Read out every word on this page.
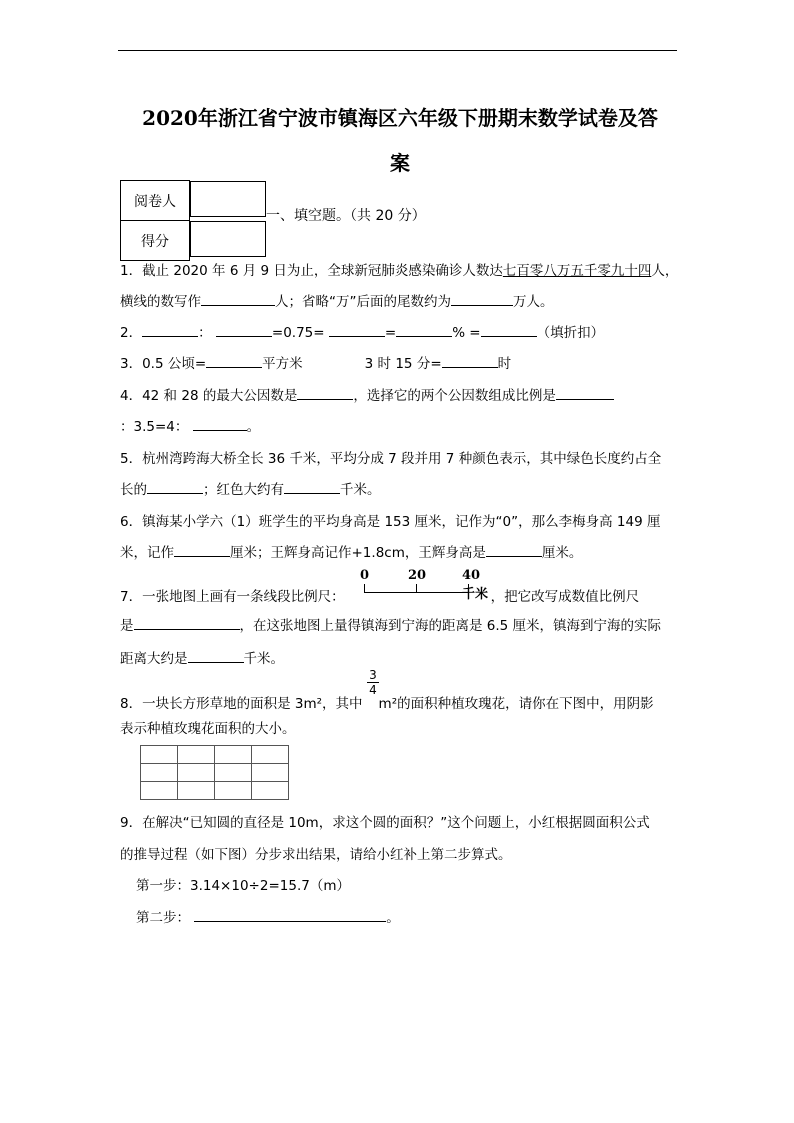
2020年浙江省宁波市镇海区六年级下册期末数学试卷及答
案
阅卷人	
得分	
一、填空题。（共 20 分）
1．截止 2020 年 6 月 9 日为止，全球新冠肺炎感染确诊人数达七百零八万五千零九十四人，
横线的数写作	人；省略“万”后面的尾数约为	万人。
2．	：	=0.75=	=	% =	（填折扣）
3．0.5 公顷=	平方米	3 时 15 分=	时
4．42 和 28 的最大公因数是	，选择它的两个公因数组成比例是
：3.5=4：	。
5．杭州湾跨海大桥全长 36 千米，平均分成 7 段并用 7 种颜色表示，其中绿色长度约占全
长的	；红色大约有	千米。
6．镇海某小学六（1）班学生的平均身高是 153 厘米，记作为“0”，那么李梅身高 149 厘
米，记作	厘米；王辉身高记作+1.8cm，王辉身高是	厘米。
7．一张地图上画有一条线段比例尺：	，把它改写成数值比例尺
0	20	40千米
是	，在这张地图上量得镇海到宁海的距离是 6.5 厘米，镇海到宁海的实际
距离大约是	千米。
$\frac{3}{4}$
8．一块长方形草地的面积是 3m²，其中 m²的面积种植玫瑰花，请你在下图中，用阴影
表示种植玫瑰花面积的大小。

9．在解决“已知圆的直径是 10m，求这个圆的面积？”这个问题上，小红根据圆面积公式
的推导过程（如下图）分步求出结果，请给小红补上第二步算式。
第一步：3.14×10÷2=15.7（m）
第二步：	。
